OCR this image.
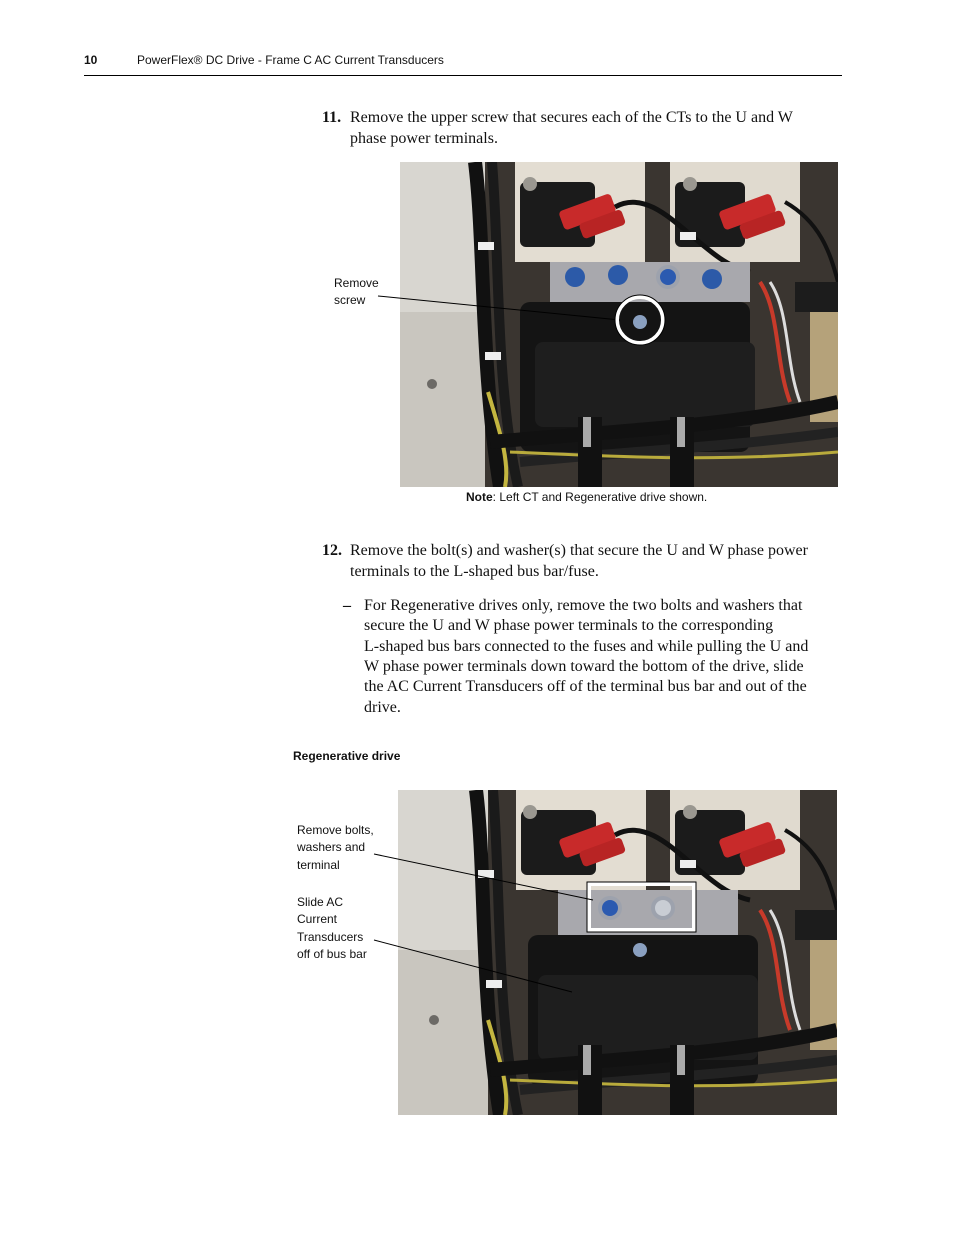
10	PowerFlex® DC Drive - Frame C AC Current Transducers
11. Remove the upper screw that secures each of the CTs to the U and W
phase power terminals.
Remove
screw
Note: Left CT and Regenerative drive shown.
12. Remove the bolt(s) and washer(s) that secure the U and W phase power
terminals to the L-shaped bus bar/fuse.
– For Regenerative drives only, remove the two bolts and washers that
secure the U and W phase power terminals to the corresponding
L-shaped bus bars connected to the fuses and while pulling the U and
W phase power terminals down toward the bottom of the drive, slide
the AC Current Transducers off of the terminal bus bar and out of the
drive.
Regenerative drive
Remove bolts,
washers and
terminal
Slide AC
Current
Transducers
off of bus bar
